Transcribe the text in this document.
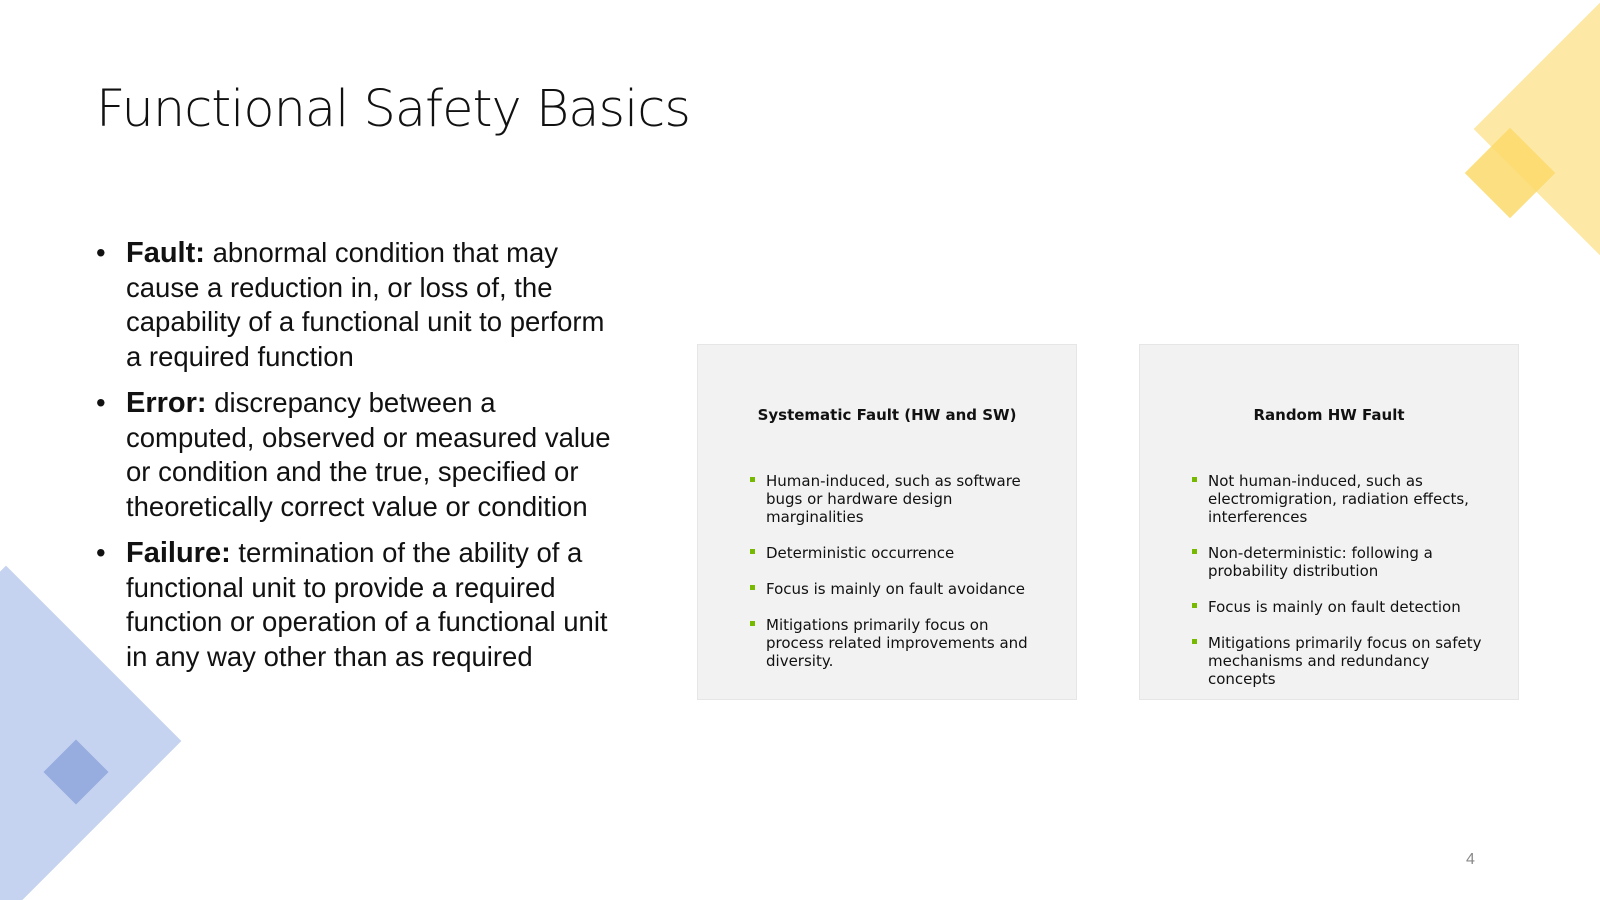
Functional Safety Basics
• Fault: abnormal condition that may cause a reduction in, or loss of, the capability of a functional unit to perform a required function
• Error: discrepancy between a computed, observed or measured value or condition and the true, specified or theoretically correct value or condition
• Failure: termination of the ability of a functional unit to provide a required function or operation of a functional unit in any way other than as required
Systematic Fault (HW and SW)
Human-induced, such as software bugs or hardware design marginalities
Deterministic occurrence
Focus is mainly on fault avoidance
Mitigations primarily focus on process related improvements and diversity.
Random HW Fault
Not human-induced, such as electromigration, radiation effects, interferences
Non-deterministic: following a probability distribution
Focus is mainly on fault detection
Mitigations primarily focus on safety mechanisms and redundancy concepts
4
